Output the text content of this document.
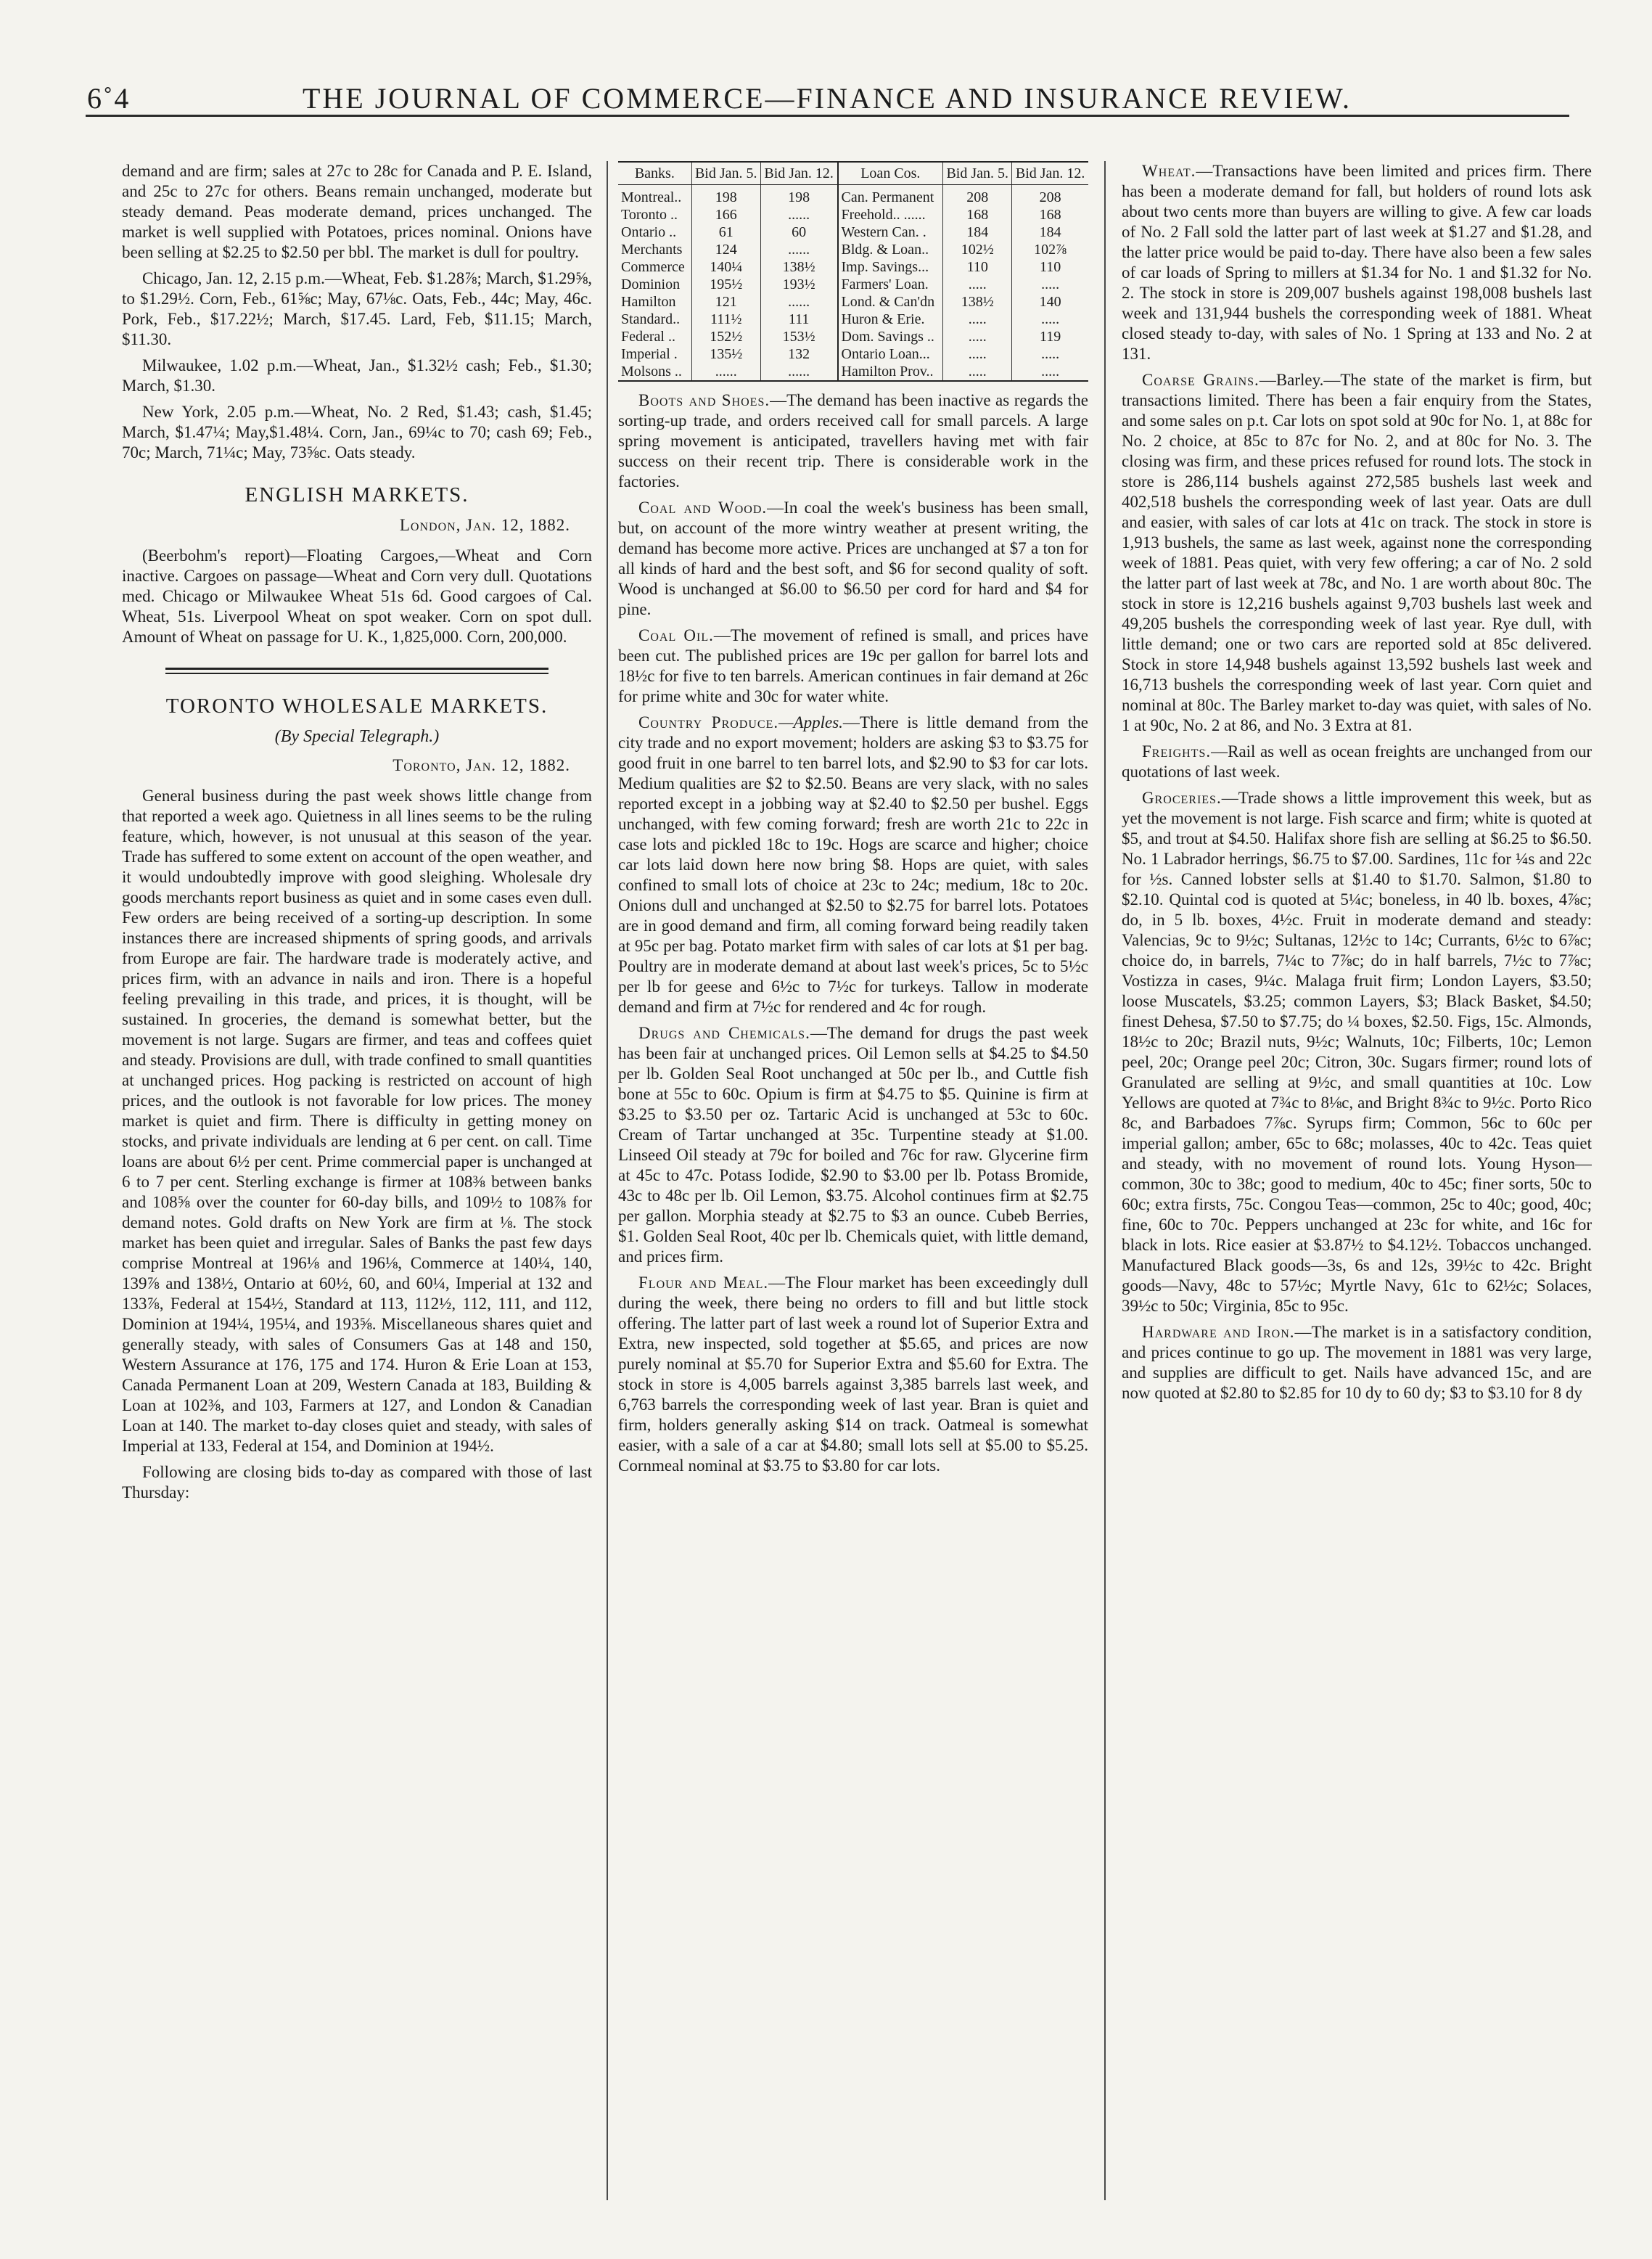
6˚4	THE JOURNAL OF COMMERCE—FINANCE AND INSURANCE REVIEW.

demand and are firm; sales at 27c to 28c for Canada and P. E. Island, and 25c to 27c for others. Beans remain unchanged, moderate but steady demand. Peas moderate demand, prices unchanged. The market is well supplied with Potatoes, prices nominal. Onions have been selling at $2.25 to $2.50 per bbl. The market is dull for poultry.

Chicago, Jan. 12, 2.15 p.m.—Wheat, Feb. $1.28⅞; March, $1.29⅝, to $1.29½. Corn, Feb., 61⅝c; May, 67⅛c. Oats, Feb., 44c; May, 46c. Pork, Feb., $17.22½; March, $17.45. Lard, Feb, $11.15; March, $11.30.

Milwaukee, 1.02 p.m.—Wheat, Jan., $1.32½ cash; Feb., $1.30; March, $1.30.

New York, 2.05 p.m.—Wheat, No. 2 Red, $1.43; cash, $1.45; March, $1.47¼; May,$1.48¼. Corn, Jan., 69¼c to 70; cash 69; Feb., 70c; March, 71¼c; May, 73⅝c. Oats steady.

ENGLISH MARKETS.
London, Jan. 12, 1882.

(Beerbohm's report)—Floating Cargoes,—Wheat and Corn inactive. Cargoes on passage—Wheat and Corn very dull. Quotations med. Chicago or Milwaukee Wheat 51s 6d. Good cargoes of Cal. Wheat, 51s. Liverpool Wheat on spot weaker. Corn on spot dull. Amount of Wheat on passage for U. K., 1,825,000. Corn, 200,000.

TORONTO WHOLESALE MARKETS.
(By Special Telegraph.)
Toronto, Jan. 12, 1882.

General business during the past week shows little change from that reported a week ago. Quietness in all lines seems to be the ruling feature, which, however, is not unusual at this season of the year. Trade has suffered to some extent on account of the open weather, and it would undoubtedly improve with good sleighing. Wholesale dry goods merchants report business as quiet and in some cases even dull. Few orders are being received of a sorting-up description. In some instances there are increased shipments of spring goods, and arrivals from Europe are fair. The hardware trade is moderately active, and prices firm, with an advance in nails and iron. There is a hopeful feeling prevailing in this trade, and prices, it is thought, will be sustained. In groceries, the demand is somewhat better, but the movement is not large. Sugars are firmer, and teas and coffees quiet and steady. Provisions are dull, with trade confined to small quantities at unchanged prices. Hog packing is restricted on account of high prices, and the outlook is not favorable for low prices. The money market is quiet and firm. There is difficulty in getting money on stocks, and private individuals are lending at 6 per cent. on call. Time loans are about 6½ per cent. Prime commercial paper is unchanged at 6 to 7 per cent. Sterling exchange is firmer at 108⅜ between banks and 108⅝ over the counter for 60-day bills, and 109½ to 108⅞ for demand notes. Gold drafts on New York are firm at ⅛. The stock market has been quiet and irregular. Sales of Banks the past few days comprise Montreal at 196⅛ and 196⅛, Commerce at 140¼, 140, 139⅞ and 138½, Ontario at 60½, 60, and 60¼, Imperial at 132 and 133⅞, Federal at 154½, Standard at 113, 112½, 112, 111, and 112, Dominion at 194¼, 195¼, and 193⅝. Miscellaneous shares quiet and generally steady, with sales of Consumers Gas at 148 and 150, Western Assurance at 176, 175 and 174. Huron & Erie Loan at 153, Canada Permanent Loan at 209, Western Canada at 183, Building & Loan at 102⅜, and 103, Farmers at 127, and London & Canadian Loan at 140. The market to-day closes quiet and steady, with sales of Imperial at 133, Federal at 154, and Dominion at 194½.

Following are closing bids to-day as compared with those of last Thursday:

Banks.	Bid Jan. 5.	Bid Jan. 12.	Loan Cos.	Bid Jan. 5.	Bid Jan. 12.
Montreal..	198	198	Can. Permanent	208	208
Toronto ..	166	......	Freehold.. ......	168	168
Ontario ..	61	60	Western Can. .	184	184
Merchants	124	......	Bldg. & Loan..	102½	102⅞
Commerce	140¼	138½	Imp. Savings...	110	110
Dominion	195½	193½	Farmers' Loan.	.....	.....
Hamilton	121	......	Lond. & Can'dn	138½	140
Standard..	111½	111	Huron & Erie.	.....	.....
Federal ..	152½	153½	Dom. Savings ..	.....	119
Imperial .	135½	132	Ontario Loan...	.....	.....
Molsons ..	......	......	Hamilton Prov..	.....	.....

Boots and Shoes.—The demand has been inactive as regards the sorting-up trade, and orders received call for small parcels. A large spring movement is anticipated, travellers having met with fair success on their recent trip. There is considerable work in the factories.

Coal and Wood.—In coal the week's business has been small, but, on account of the more wintry weather at present writing, the demand has become more active. Prices are unchanged at $7 a ton for all kinds of hard and the best soft, and $6 for second quality of soft. Wood is unchanged at $6.00 to $6.50 per cord for hard and $4 for pine.

Coal Oil.—The movement of refined is small, and prices have been cut. The published prices are 19c per gallon for barrel lots and 18½c for five to ten barrels. American continues in fair demand at 26c for prime white and 30c for water white.

Country Produce.—Apples.—There is little demand from the city trade and no export movement; holders are asking $3 to $3.75 for good fruit in one barrel to ten barrel lots, and $2.90 to $3 for car lots. Medium qualities are $2 to $2.50. Beans are very slack, with no sales reported except in a jobbing way at $2.40 to $2.50 per bushel. Eggs unchanged, with few coming forward; fresh are worth 21c to 22c in case lots and pickled 18c to 19c. Hogs are scarce and higher; choice car lots laid down here now bring $8. Hops are quiet, with sales confined to small lots of choice at 23c to 24c; medium, 18c to 20c. Onions dull and unchanged at $2.50 to $2.75 for barrel lots. Potatoes are in good demand and firm, all coming forward being readily taken at 95c per bag. Potato market firm with sales of car lots at $1 per bag. Poultry are in moderate demand at about last week's prices, 5c to 5½c per lb for geese and 6½c to 7½c for turkeys. Tallow in moderate demand and firm at 7½c for rendered and 4c for rough.

Drugs and Chemicals.—The demand for drugs the past week has been fair at unchanged prices. Oil Lemon sells at $4.25 to $4.50 per lb. Golden Seal Root unchanged at 50c per lb., and Cuttle fish bone at 55c to 60c. Opium is firm at $4.75 to $5. Quinine is firm at $3.25 to $3.50 per oz. Tartaric Acid is unchanged at 53c to 60c. Cream of Tartar unchanged at 35c. Turpentine steady at $1.00. Linseed Oil steady at 79c for boiled and 76c for raw. Glycerine firm at 45c to 47c. Potass Iodide, $2.90 to $3.00 per lb. Potass Bromide, 43c to 48c per lb. Oil Lemon, $3.75. Alcohol continues firm at $2.75 per gallon. Morphia steady at $2.75 to $3 an ounce. Cubeb Berries, $1. Golden Seal Root, 40c per lb. Chemicals quiet, with little demand, and prices firm.

Flour and Meal.—The Flour market has been exceedingly dull during the week, there being no orders to fill and but little stock offering. The latter part of last week a round lot of Superior Extra and Extra, new inspected, sold together at $5.65, and prices are now purely nominal at $5.70 for Superior Extra and $5.60 for Extra. The stock in store is 4,005 barrels against 3,385 barrels last week, and 6,763 barrels the corresponding week of last year. Bran is quiet and firm, holders generally asking $14 on track. Oatmeal is somewhat easier, with a sale of a car at $4.80; small lots sell at $5.00 to $5.25. Cornmeal nominal at $3.75 to $3.80 for car lots.

Wheat.—Transactions have been limited and prices firm. There has been a moderate demand for fall, but holders of round lots ask about two cents more than buyers are willing to give. A few car loads of No. 2 Fall sold the latter part of last week at $1.27 and $1.28, and the latter price would be paid to-day. There have also been a few sales of car loads of Spring to millers at $1.34 for No. 1 and $1.32 for No. 2. The stock in store is 209,007 bushels against 198,008 bushels last week and 131,944 bushels the corresponding week of 1881. Wheat closed steady to-day, with sales of No. 1 Spring at 133 and No. 2 at 131.

Coarse Grains.—Barley.—The state of the market is firm, but transactions limited. There has been a fair enquiry from the States, and some sales on p.t. Car lots on spot sold at 90c for No. 1, at 88c for No. 2 choice, at 85c to 87c for No. 2, and at 80c for No. 3. The closing was firm, and these prices refused for round lots. The stock in store is 286,114 bushels against 272,585 bushels last week and 402,518 bushels the corresponding week of last year. Oats are dull and easier, with sales of car lots at 41c on track. The stock in store is 1,913 bushels, the same as last week, against none the corresponding week of 1881. Peas quiet, with very few offering; a car of No. 2 sold the latter part of last week at 78c, and No. 1 are worth about 80c. The stock in store is 12,216 bushels against 9,703 bushels last week and 49,205 bushels the corresponding week of last year. Rye dull, with little demand; one or two cars are reported sold at 85c delivered. Stock in store 14,948 bushels against 13,592 bushels last week and 16,713 bushels the corresponding week of last year. Corn quiet and nominal at 80c. The Barley market to-day was quiet, with sales of No. 1 at 90c, No. 2 at 86, and No. 3 Extra at 81.

Freights.—Rail as well as ocean freights are unchanged from our quotations of last week.

Groceries.—Trade shows a little improvement this week, but as yet the movement is not large. Fish scarce and firm; white is quoted at $5, and trout at $4.50. Halifax shore fish are selling at $6.25 to $6.50. No. 1 Labrador herrings, $6.75 to $7.00. Sardines, 11c for ¼s and 22c for ½s. Canned lobster sells at $1.40 to $1.70. Salmon, $1.80 to $2.10. Quintal cod is quoted at 5¼c; boneless, in 40 lb. boxes, 4⅞c; do, in 5 lb. boxes, 4½c. Fruit in moderate demand and steady: Valencias, 9c to 9½c; Sultanas, 12½c to 14c; Currants, 6½c to 6⅞c; choice do, in barrels, 7¼c to 7⅞c; do in half barrels, 7½c to 7⅞c; Vostizza in cases, 9¼c. Malaga fruit firm; London Layers, $3.50; loose Muscatels, $3.25; common Layers, $3; Black Basket, $4.50; finest Dehesa, $7.50 to $7.75; do ¼ boxes, $2.50. Figs, 15c. Almonds, 18½c to 20c; Brazil nuts, 9½c; Walnuts, 10c; Filberts, 10c; Lemon peel, 20c; Orange peel 20c; Citron, 30c. Sugars firmer; round lots of Granulated are selling at 9½c, and small quantities at 10c. Low Yellows are quoted at 7¾c to 8⅛c, and Bright 8¾c to 9½c. Porto Rico 8c, and Barbadoes 7⅞c. Syrups firm; Common, 56c to 60c per imperial gallon; amber, 65c to 68c; molasses, 40c to 42c. Teas quiet and steady, with no movement of round lots. Young Hyson—common, 30c to 38c; good to medium, 40c to 45c; finer sorts, 50c to 60c; extra firsts, 75c. Congou Teas—common, 25c to 40c; good, 40c; fine, 60c to 70c. Peppers unchanged at 23c for white, and 16c for black in lots. Rice easier at $3.87½ to $4.12½. Tobaccos unchanged. Manufactured Black goods—3s, 6s and 12s, 39½c to 42c. Bright goods—Navy, 48c to 57½c; Myrtle Navy, 61c to 62½c; Solaces, 39½c to 50c; Virginia, 85c to 95c.

Hardware and Iron.—The market is in a satisfactory condition, and prices continue to go up. The movement in 1881 was very large, and supplies are difficult to get. Nails have advanced 15c, and are now quoted at $2.80 to $2.85 for 10 dy to 60 dy; $3 to $3.10 for 8 dy
